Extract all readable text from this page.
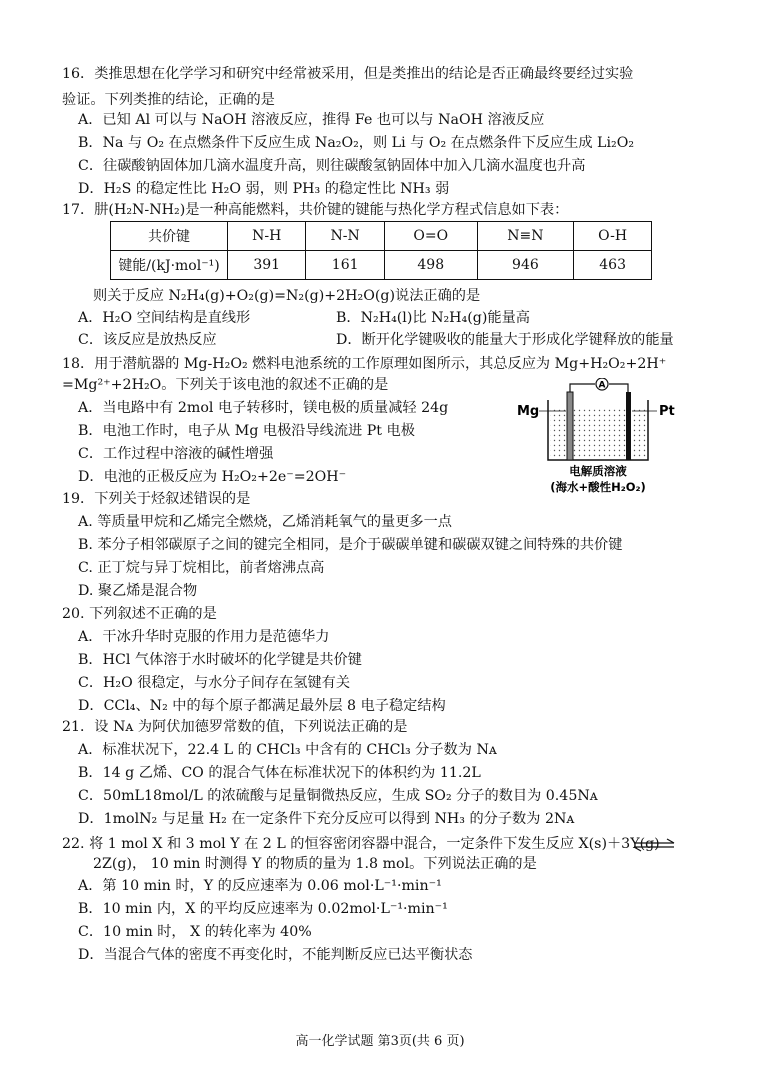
16．类推思想在化学学习和研究中经常被采用，但是类推出的结论是否正确最终要经过实验
验证。下列类推的结论，正确的是
A．已知 Al 可以与 NaOH 溶液反应，推得 Fe 也可以与 NaOH 溶液反应
B．Na 与 O₂ 在点燃条件下反应生成 Na₂O₂，则 Li 与 O₂ 在点燃条件下反应生成 Li₂O₂
C．往碳酸钠固体加几滴水温度升高，则往碳酸氢钠固体中加入几滴水温度也升高
D．H₂S 的稳定性比 H₂O 弱，则 PH₃ 的稳定性比 NH₃ 弱
17．肼(H₂N-NH₂)是一种高能燃料，共价键的键能与热化学方程式信息如下表：
共价键	N-H	N-N	O=O	N≡N	O-H
键能/(kJ·mol⁻¹)	391	161	498	946	463
则关于反应 N₂H₄(g)+O₂(g)=N₂(g)+2H₂O(g)说法正确的是
A．H₂O 空间结构是直线形	B．N₂H₄(l)比 N₂H₄(g)能量高
C．该反应是放热反应	D．断开化学键吸收的能量大于形成化学键释放的能量
18．用于潜航器的 Mg-H₂O₂ 燃料电池系统的工作原理如图所示，其总反应为 Mg+H₂O₂+2H⁺
=Mg²⁺+2H₂O。下列关于该电池的叙述不正确的是
A．当电路中有 2mol 电子转移时，镁电极的质量减轻 24g
B．电池工作时，电子从 Mg 电极沿导线流进 Pt 电极
C．工作过程中溶液的碱性增强
D．电池的正极反应为 H₂O₂+2e⁻=2OH⁻
A
Mg	Pt
电解质溶液
(海水+酸性H₂O₂)
19．下列关于烃叙述错误的是
A. 等质量甲烷和乙烯完全燃烧，乙烯消耗氧气的量更多一点
B. 苯分子相邻碳原子之间的键完全相同，是介于碳碳单键和碳碳双键之间特殊的共价键
C. 正丁烷与异丁烷相比，前者熔沸点高
D. 聚乙烯是混合物
20. 下列叙述不正确的是
A．干冰升华时克服的作用力是范德华力
B．HCl 气体溶于水时破坏的化学键是共价键
C．H₂O 很稳定，与水分子间存在氢键有关
D．CCl₄、N₂ 中的每个原子都满足最外层 8 电子稳定结构
21．设 Nᴀ 为阿伏加德罗常数的值，下列说法正确的是
A．标准状况下，22.4 L 的 CHCl₃ 中含有的 CHCl₃ 分子数为 Nᴀ
B．14 g 乙烯、CO 的混合气体在标准状况下的体积约为 11.2L
C．50mL18mol/L 的浓硫酸与足量铜微热反应，生成 SO₂ 分子的数目为 0.45Nᴀ
D．1molN₂ 与足量 H₂ 在一定条件下充分反应可以得到 NH₃ 的分子数为 2Nᴀ
22. 将 1 mol X 和 3 mol Y 在 2 L 的恒容密闭容器中混合，一定条件下发生反应 X(s)＋3Y(g)
2Z(g)， 10 min 时测得 Y 的物质的量为 1.8 mol。下列说法正确的是
A．第 10 min 时，Y 的反应速率为 0.06 mol·L⁻¹·min⁻¹
B．10 min 内，X 的平均反应速率为 0.02mol·L⁻¹·min⁻¹
C．10 min 时， X 的转化率为 40%
D．当混合气体的密度不再变化时，不能判断反应已达平衡状态
高一化学试题 第3页(共 6 页)
